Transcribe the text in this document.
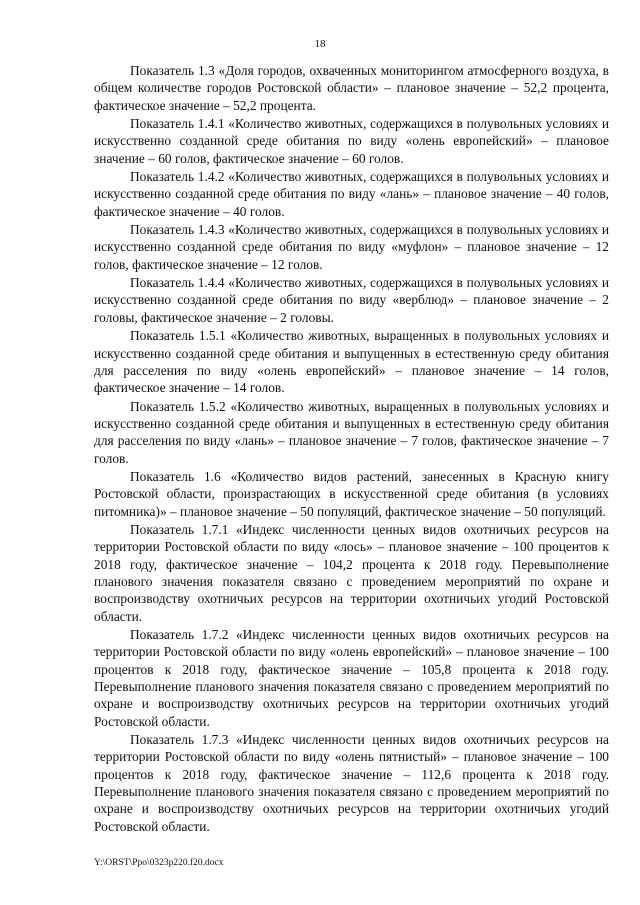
18

Показатель 1.3 «Доля городов, охваченных мониторингом атмосферного воздуха, в общем количестве городов Ростовской области» – плановое значение – 52,2 процента, фактическое значение – 52,2 процента.

Показатель 1.4.1 «Количество животных, содержащихся в полувольных условиях и искусственно созданной среде обитания по виду «олень европейский» – плановое значение – 60 голов, фактическое значение – 60 голов.

Показатель 1.4.2 «Количество животных, содержащихся в полувольных условиях и искусственно созданной среде обитания по виду «лань» – плановое значение – 40 голов, фактическое значение – 40 голов.

Показатель 1.4.3 «Количество животных, содержащихся в полувольных условиях и искусственно созданной среде обитания по виду «муфлон» – плановое значение – 12 голов, фактическое значение – 12 голов.

Показатель 1.4.4 «Количество животных, содержащихся в полувольных условиях и искусственно созданной среде обитания по виду «верблюд» – плановое значение – 2 головы, фактическое значение – 2 головы.

Показатель 1.5.1 «Количество животных, выращенных в полувольных условиях и искусственно созданной среде обитания и выпущенных в естественную среду обитания для расселения по виду «олень европейский» – плановое значение – 14 голов, фактическое значение – 14 голов.

Показатель 1.5.2 «Количество животных, выращенных в полувольных условиях и искусственно созданной среде обитания и выпущенных в естественную среду обитания для расселения по виду «лань» – плановое значение – 7 голов, фактическое значение – 7 голов.

Показатель 1.6 «Количество видов растений, занесенных в Красную книгу Ростовской области, произрастающих в искусственной среде обитания (в условиях питомника)» – плановое значение – 50 популяций, фактическое значение – 50 популяций.

Показатель 1.7.1 «Индекс численности ценных видов охотничьих ресурсов на территории Ростовской области по виду «лось» – плановое значение – 100 процентов к 2018 году, фактическое значение – 104,2 процента к 2018 году. Перевыполнение планового значения показателя связано с проведением мероприятий по охране и воспроизводству охотничьих ресурсов на территории охотничьих угодий Ростовской области.

Показатель 1.7.2 «Индекс численности ценных видов охотничьих ресурсов на территории Ростовской области по виду «олень европейский» – плановое значение – 100 процентов к 2018 году, фактическое значение – 105,8 процента к 2018 году. Перевыполнение планового значения показателя связано с проведением мероприятий по охране и воспроизводству охотничьих ресурсов на территории охотничьих угодий Ростовской области.

Показатель 1.7.3 «Индекс численности ценных видов охотничьих ресурсов на территории Ростовской области по виду «олень пятнистый» – плановое значение – 100 процентов к 2018 году, фактическое значение – 112,6 процента к 2018 году. Перевыполнение планового значения показателя связано с проведением мероприятий по охране и воспроизводству охотничьих ресурсов на территории охотничьих угодий Ростовской области.

Y:\ORST\Ppo\0323p220.f20.docx
